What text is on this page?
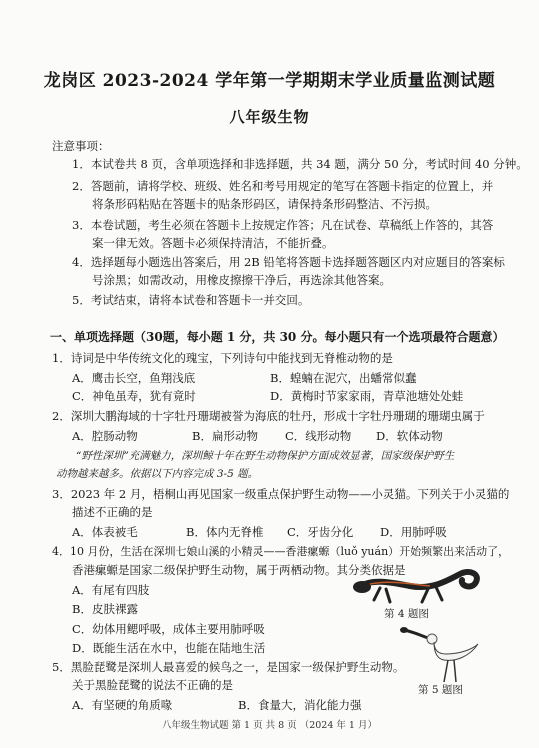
龙岗区 2023-2024 学年第一学期期末学业质量监测试题
八年级生物
注意事项：
1．本试卷共 8 页，含单项选择和非选择题，共 34 题，满分 50 分，考试时间 40 分钟。
2．答题前，请将学校、班级、姓名和考号用规定的笔写在答题卡指定的位置上，并
将条形码粘贴在答题卡的贴条形码区，请保持条形码整洁、不污损。
3．本卷试题，考生必须在答题卡上按规定作答；凡在试卷、草稿纸上作答的，其答
案一律无效。答题卡必须保持清洁，不能折叠。
4．选择题每小题选出答案后，用 2B 铅笔将答题卡选择题答题区内对应题目的答案标
号涂黑；如需改动，用橡皮擦擦干净后，再选涂其他答案。
5．考试结束，请将本试卷和答题卡一并交回。
一、单项选择题（30题，每小题 1 分，共 30 分。每小题只有一个选项最符合题意）
1．诗词是中华传统文化的瑰宝，下列诗句中能找到无脊椎动物的是
A．鹰击长空，鱼翔浅底	B．蝗蝻在泥穴，出蟠常似蠢
C．神龟虽寿，犹有竟时	D．黄梅时节家家雨，青草池塘处处蛙
2．深圳大鹏海域的十字牡丹珊瑚被誉为海底的牡丹，形成十字牡丹珊瑚的珊瑚虫属于
A．腔肠动物	B．扁形动物 C．线形动物 D．软体动物
“野性深圳”充满魅力，深圳鲸十年在野生动物保护方面成效显著，国家级保护野生
动物越来越多。依据以下内容完成 3-5 题。
3．2023 年 2 月，梧桐山再见国家一级重点保护野生动物——小灵猫。下列关于小灵猫的
描述不正确的是
A．体表被毛	B．体内无脊椎 C．牙齿分化 D．用肺呼吸
4．10 月份，生活在深圳七娘山溪的小精灵——香港瘰螈（luǒ yuán）开始频繁出来活动了，
香港瘰螈是国家二级保护野生动物，属于两栖动物。其分类依据是
A．有尾有四肢
B．皮肤裸露
C．幼体用鳃呼吸，成体主要用肺呼吸
D．既能生活在水中，也能在陆地生活
5．黑脸琵鹭是深圳人最喜爱的候鸟之一，是国家一级保护野生动物。
关于黑脸琵鹭的说法不正确的是
A．有坚硬的角质喙	B．食量大，消化能力强
第 4 题图
第 5 题图
八年级生物试题 第 1 页 共 8 页 （2024 年 1 月）
